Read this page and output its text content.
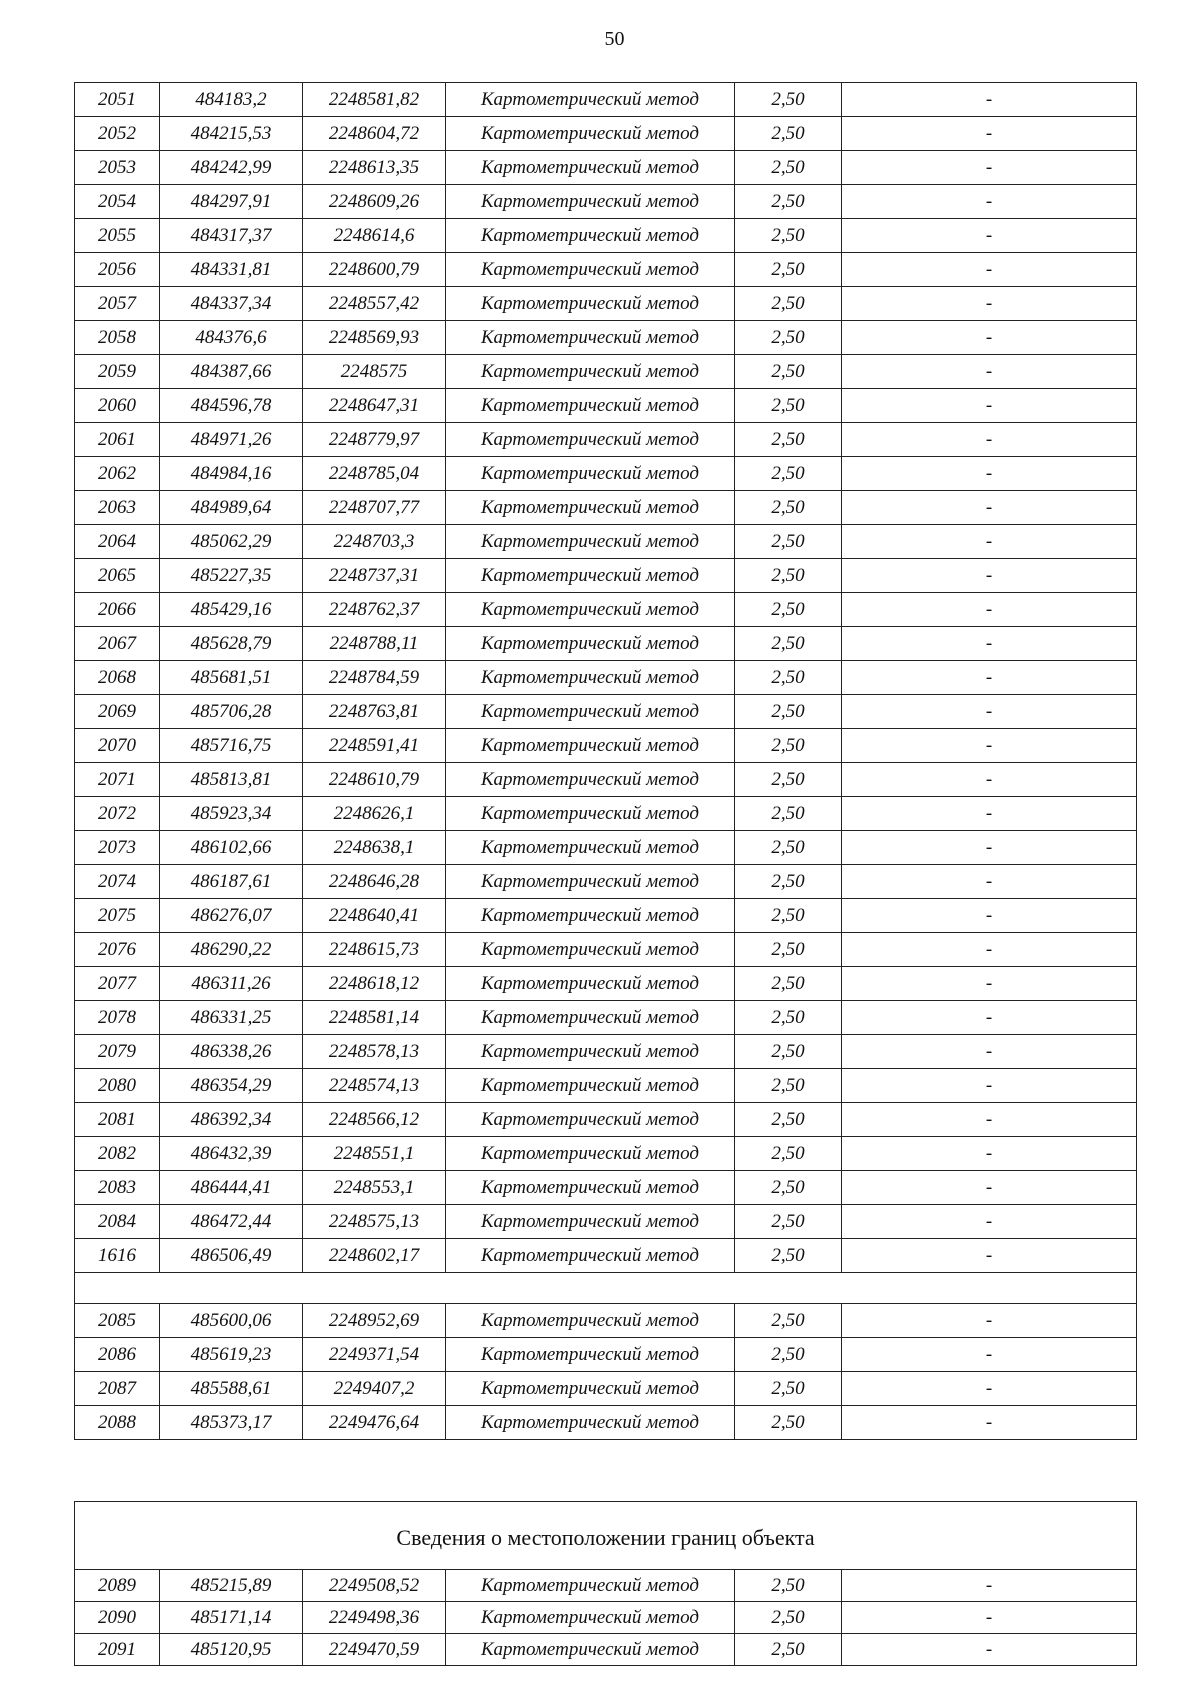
50
2051	484183,2	2248581,82	Картометрический метод	2,50	-
2052	484215,53	2248604,72	Картометрический метод	2,50	-
2053	484242,99	2248613,35	Картометрический метод	2,50	-
2054	484297,91	2248609,26	Картометрический метод	2,50	-
2055	484317,37	2248614,6	Картометрический метод	2,50	-
2056	484331,81	2248600,79	Картометрический метод	2,50	-
2057	484337,34	2248557,42	Картометрический метод	2,50	-
2058	484376,6	2248569,93	Картометрический метод	2,50	-
2059	484387,66	2248575	Картометрический метод	2,50	-
2060	484596,78	2248647,31	Картометрический метод	2,50	-
2061	484971,26	2248779,97	Картометрический метод	2,50	-
2062	484984,16	2248785,04	Картометрический метод	2,50	-
2063	484989,64	2248707,77	Картометрический метод	2,50	-
2064	485062,29	2248703,3	Картометрический метод	2,50	-
2065	485227,35	2248737,31	Картометрический метод	2,50	-
2066	485429,16	2248762,37	Картометрический метод	2,50	-
2067	485628,79	2248788,11	Картометрический метод	2,50	-
2068	485681,51	2248784,59	Картометрический метод	2,50	-
2069	485706,28	2248763,81	Картометрический метод	2,50	-
2070	485716,75	2248591,41	Картометрический метод	2,50	-
2071	485813,81	2248610,79	Картометрический метод	2,50	-
2072	485923,34	2248626,1	Картометрический метод	2,50	-
2073	486102,66	2248638,1	Картометрический метод	2,50	-
2074	486187,61	2248646,28	Картометрический метод	2,50	-
2075	486276,07	2248640,41	Картометрический метод	2,50	-
2076	486290,22	2248615,73	Картометрический метод	2,50	-
2077	486311,26	2248618,12	Картометрический метод	2,50	-
2078	486331,25	2248581,14	Картометрический метод	2,50	-
2079	486338,26	2248578,13	Картометрический метод	2,50	-
2080	486354,29	2248574,13	Картометрический метод	2,50	-
2081	486392,34	2248566,12	Картометрический метод	2,50	-
2082	486432,39	2248551,1	Картометрический метод	2,50	-
2083	486444,41	2248553,1	Картометрический метод	2,50	-
2084	486472,44	2248575,13	Картометрический метод	2,50	-
1616	486506,49	2248602,17	Картометрический метод	2,50	-

2085	485600,06	2248952,69	Картометрический метод	2,50	-
2086	485619,23	2249371,54	Картометрический метод	2,50	-
2087	485588,61	2249407,2	Картометрический метод	2,50	-
2088	485373,17	2249476,64	Картометрический метод	2,50	-
Сведения о местоположении границ объекта					
2089	485215,89	2249508,52	Картометрический метод	2,50	-
2090	485171,14	2249498,36	Картометрический метод	2,50	-
2091	485120,95	2249470,59	Картометрический метод	2,50	-
